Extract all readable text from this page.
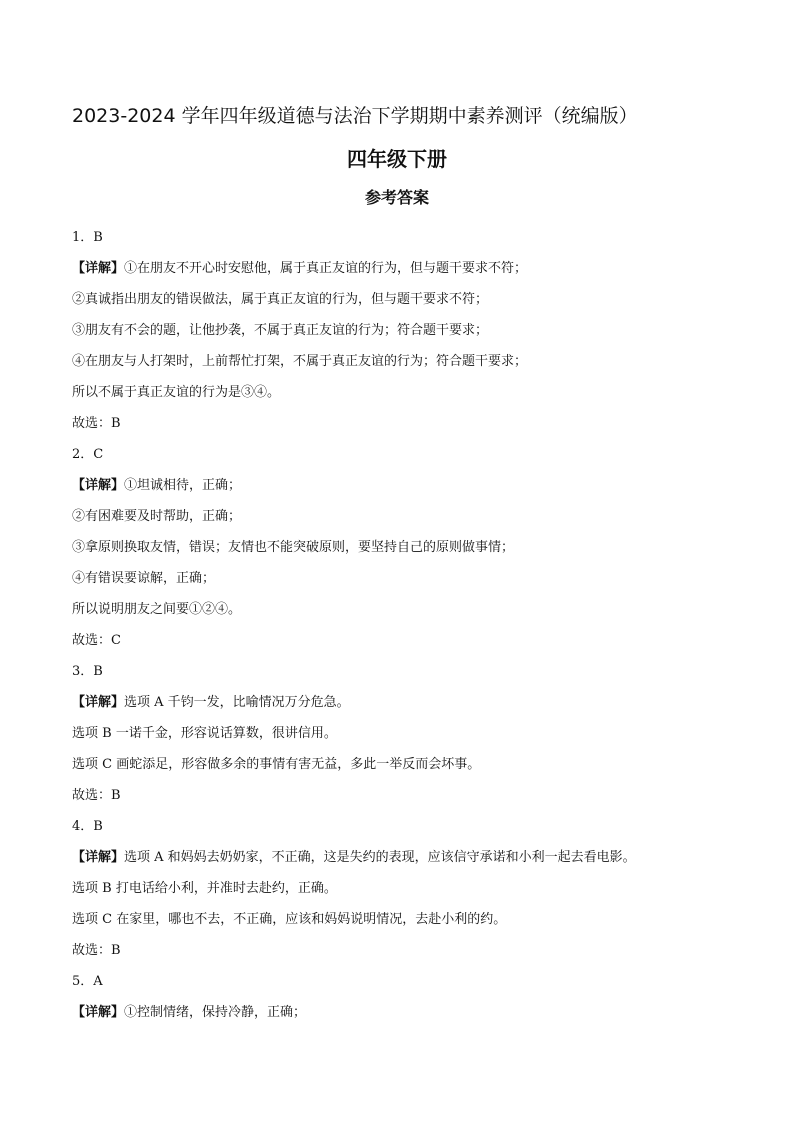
2023-2024 学年四年级道德与法治下学期期中素养测评（统编版）
四年级下册
参考答案
1．B
【详解】①在朋友不开心时安慰他，属于真正友谊的行为，但与题干要求不符；
②真诚指出朋友的错误做法，属于真正友谊的行为，但与题干要求不符；
③朋友有不会的题，让他抄袭，不属于真正友谊的行为；符合题干要求；
④在朋友与人打架时，上前帮忙打架，不属于真正友谊的行为；符合题干要求；
所以不属于真正友谊的行为是③④。
故选：B
2．C
【详解】①坦诚相待，正确；
②有困难要及时帮助，正确；
③拿原则换取友情，错误；友情也不能突破原则，要坚持自己的原则做事情；
④有错误要谅解，正确；
所以说明朋友之间要①②④。
故选：C
3．B
【详解】选项 A 千钧一发，比喻情况万分危急。
选项 B 一诺千金，形容说话算数，很讲信用。
选项 C 画蛇添足，形容做多余的事情有害无益，多此一举反而会坏事。
故选：B
4．B
【详解】选项 A 和妈妈去奶奶家，不正确，这是失约的表现，应该信守承诺和小利一起去看电影。
选项 B 打电话给小利，并准时去赴约，正确。
选项 C 在家里，哪也不去，不正确，应该和妈妈说明情况，去赴小利的约。
故选：B
5．A
【详解】①控制情绪，保持冷静，正确；
